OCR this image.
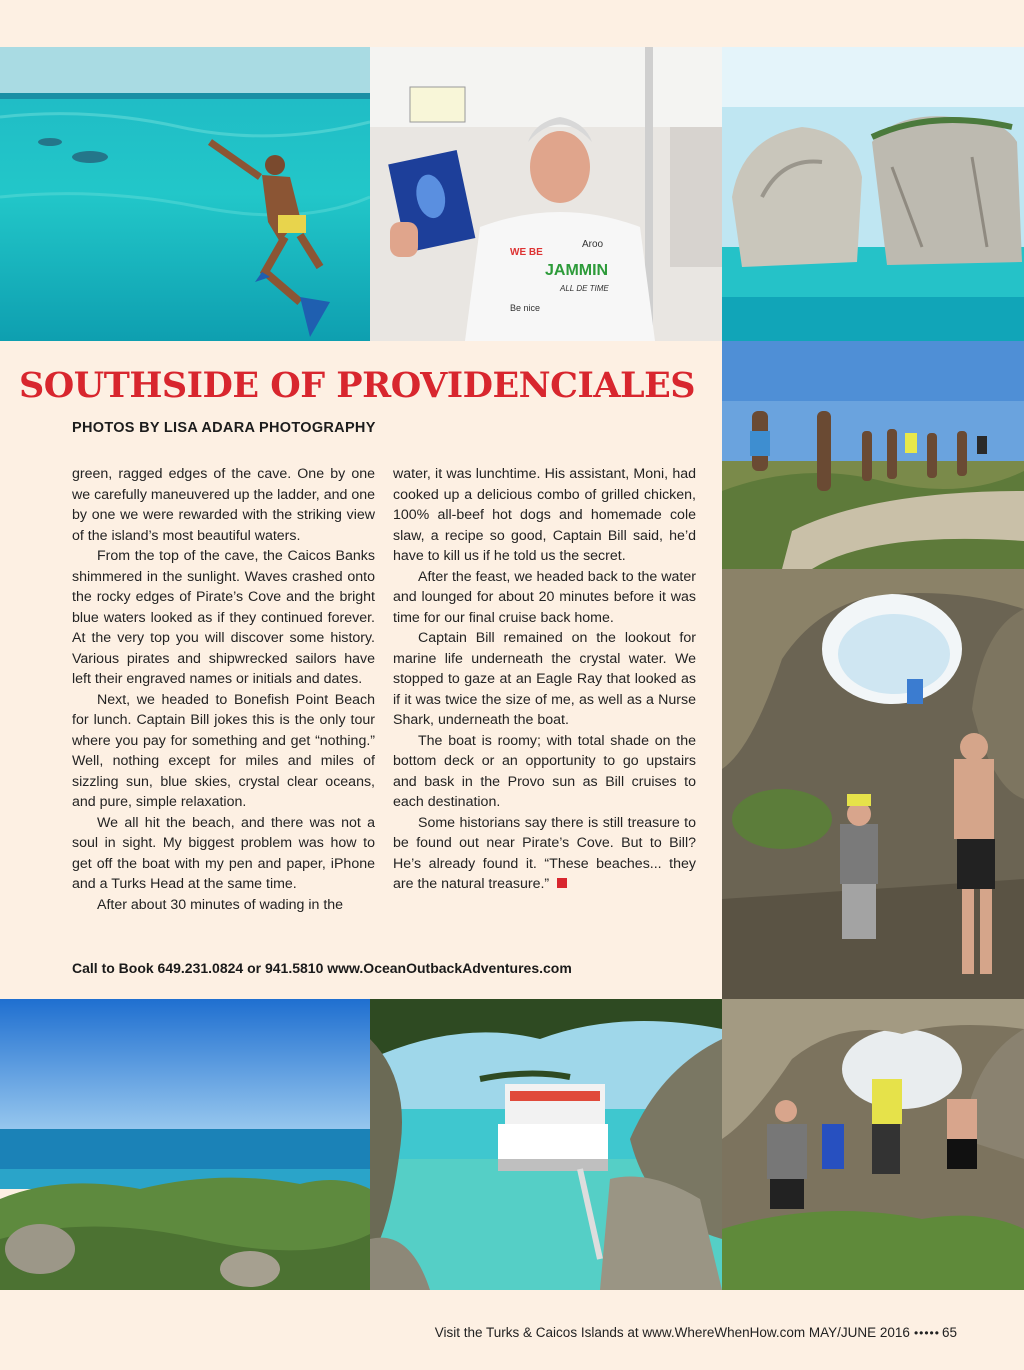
JAMMIN
WE BE
Aroo
ALL DE TIME
Be nice
SOUTHSIDE OF PROVIDENCIALES
PHOTOS BY LISA ADARA PHOTOGRAPHY

green, ragged edges of the cave. One by one we carefully maneuvered up the ladder, and one by one we were rewarded with the striking view of the island’s most beautiful waters.

From the top of the cave, the Caicos Banks shimmered in the sunlight. Waves crashed onto the rocky edges of Pirate’s Cove and the bright blue waters looked as if they continued forever. At the very top you will discover some history. Various pirates and shipwrecked sailors have left their engraved names or initials and dates.

Next, we headed to Bonefish Point Beach for lunch. Captain Bill jokes this is the only tour where you pay for something and get “nothing.” Well, nothing except for miles and miles of sizzling sun, blue skies, crystal clear oceans, and pure, simple relaxation.

We all hit the beach, and there was not a soul in sight. My biggest problem was how to get off the boat with my pen and paper, iPhone and a Turks Head at the same time.

After about 30 minutes of wading in the

water, it was lunchtime. His assistant, Moni, had cooked up a delicious combo of grilled chicken, 100% all-beef hot dogs and homemade cole slaw, a recipe so good, Captain Bill said, he’d have to kill us if he told us the secret.

After the feast, we headed back to the water and lounged for about 20 minutes before it was time for our final cruise back home.

Captain Bill remained on the lookout for marine life underneath the crystal water. We stopped to gaze at an Eagle Ray that looked as if it was twice the size of me, as well as a Nurse Shark, underneath the boat.

The boat is roomy; with total shade on the bottom deck or an opportunity to go upstairs and bask in the Provo sun as Bill cruises to each destination.

Some historians say there is still treasure to be found out near Pirate’s Cove. But to Bill? He’s already found it. “These beaches... they are the natural treasure.”

Call to Book 649.231.0824 or 941.5810 www.OceanOutbackAdventures.com
Visit the Turks & Caicos Islands at www.WhereWhenHow.com MAY/JUNE 2016 ••••• 65
